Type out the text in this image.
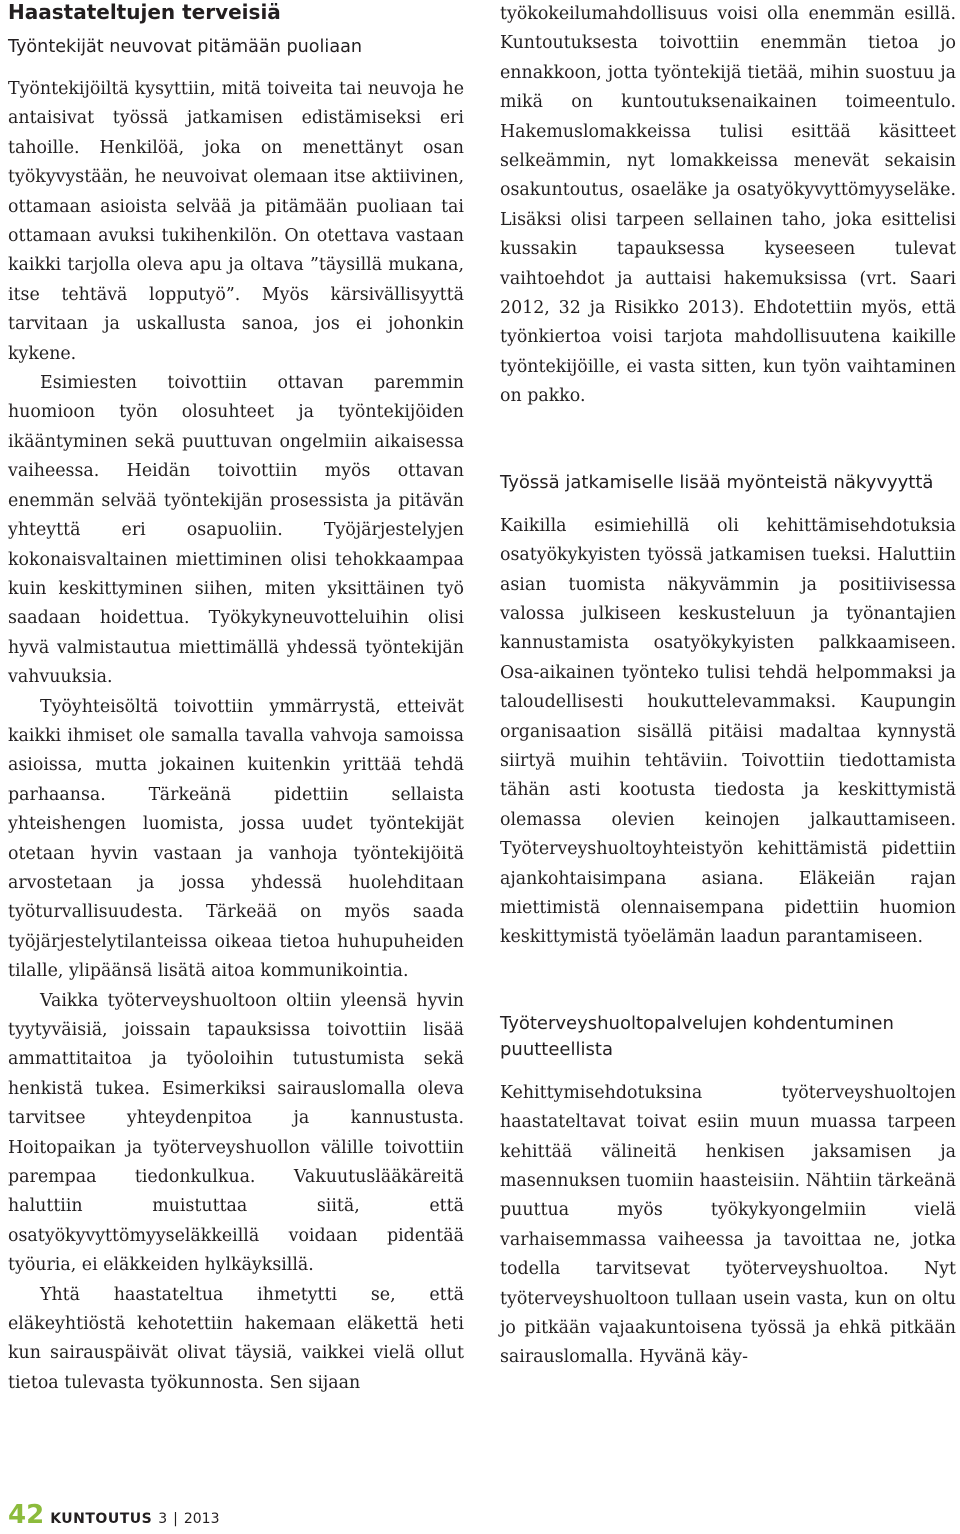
Haastateltujen terveisiä
Työntekijät neuvovat pitämään puoliaan

Työntekijöiltä kysyttiin, mitä toiveita tai neuvoja he antaisivat työssä jatkamisen edistämiseksi eri tahoille. Henkilöä, joka on menettänyt osan työkyvystään, he neuvoivat olemaan itse aktiivinen, ottamaan asioista selvää ja pitämään puoliaan tai ottamaan avuksi tukihenkilön. On otettava vastaan kaikki tarjolla oleva apu ja oltava ”täysillä mukana, itse tehtävä lopputyö”. Myös kärsivällisyyttä tarvitaan ja uskallusta sanoa, jos ei johonkin kykene.

Esimiesten toivottiin ottavan paremmin huomioon työn olosuhteet ja työntekijöiden ikääntyminen sekä puuttuvan ongelmiin aikaisessa vaiheessa. Heidän toivottiin myös ottavan enemmän selvää työntekijän prosessista ja pitävän yhteyttä eri osapuoliin. Työjärjestelyjen kokonaisvaltainen miettiminen olisi tehokkaampaa kuin keskittyminen siihen, miten yksittäinen työ saadaan hoidettua. Työkykyneuvotteluihin olisi hyvä valmistautua miettimällä yhdessä työntekijän vahvuuksia.

Työyhteisöltä toivottiin ymmärrystä, etteivät kaikki ihmiset ole samalla tavalla vahvoja samoissa asioissa, mutta jokainen kuitenkin yrittää tehdä parhaansa. Tärkeänä pidettiin sellaista yhteishengen luomista, jossa uudet työntekijät otetaan hyvin vastaan ja vanhoja työntekijöitä arvostetaan ja jossa yhdessä huolehditaan työturvallisuudesta. Tärkeää on myös saada työjärjestelytilanteissa oikeaa tietoa huhupuheiden tilalle, ylipäänsä lisätä aitoa kommunikointia.

Vaikka työterveyshuoltoon oltiin yleensä hyvin tyytyväisiä, joissain tapauksissa toivottiin lisää ammattitaitoa ja työoloihin tutustumista sekä henkistä tukea. Esimerkiksi sairauslomalla oleva tarvitsee yhteydenpitoa ja kannustusta. Hoitopaikan ja työterveyshuollon välille toivottiin parempaa tiedonkulkua. Vakuutuslääkäreitä haluttiin muistuttaa siitä, että osatyökyvyttömyyseläkkeillä voidaan pidentää työuria, ei eläkkeiden hylkäyksillä.

Yhtä haastateltua ihmetytti se, että eläkeyhtiöstä kehotettiin hakemaan eläkettä heti kun sairauspäivät olivat täysiä, vaikkei vielä ollut tietoa tulevasta työkunnosta. Sen sijaan

työkokeilumahdollisuus voisi olla enemmän esillä. Kuntoutuksesta toivottiin enemmän tietoa jo ennakkoon, jotta työntekijä tietää, mihin suostuu ja mikä on kuntoutuksenaikainen toimeentulo. Hakemuslomakkeissa tulisi esittää käsitteet selkeämmin, nyt lomakkeissa menevät sekaisin osakuntoutus, osaeläke ja osatyökyvyttömyyseläke. Lisäksi olisi tarpeen sellainen taho, joka esittelisi kussakin tapauksessa kyseeseen tulevat vaihtoehdot ja auttaisi hakemuksissa (vrt. Saari 2012, 32 ja Risikko 2013). Ehdotettiin myös, että työnkiertoa voisi tarjota mahdollisuutena kaikille työntekijöille, ei vasta sitten, kun työn vaihtaminen on pakko.

Työssä jatkamiselle lisää myönteistä näkyvyyttä

Kaikilla esimiehillä oli kehittämisehdotuksia osatyökykyisten työssä jatkamisen tueksi. Haluttiin asian tuomista näkyvämmin ja positiivisessa valossa julkiseen keskusteluun ja työnantajien kannustamista osatyökykyisten palkkaamiseen. Osa-aikainen työnteko tulisi tehdä helpommaksi ja taloudellisesti houkuttelevammaksi. Kaupungin organisaation sisällä pitäisi madaltaa kynnystä siirtyä muihin tehtäviin. Toivottiin tiedottamista tähän asti kootusta tiedosta ja keskittymistä olemassa olevien keinojen jalkauttamiseen. Työterveyshuoltoyhteistyön kehittämistä pidettiin ajankohtaisimpana asiana. Eläkeiän rajan miettimistä olennaisempana pidettiin huomion keskittymistä työelämän laadun parantamiseen.

Työterveyshuoltopalvelujen kohdentuminen puutteellista

Kehittymisehdotuksina työterveyshuoltojen haastateltavat toivat esiin muun muassa tarpeen kehittää välineitä henkisen jaksamisen ja masennuksen tuomiin haasteisiin. Nähtiin tärkeänä puuttua myös työkykyongelmiin vielä varhaisemmassa vaiheessa ja tavoittaa ne, jotka todella tarvitsevat työterveyshuoltoa. Nyt työterveyshuoltoon tullaan usein vasta, kun on oltu jo pitkään vajaakuntoisena työssä ja ehkä pitkään sairauslomalla. Hyvänä käy-

42 KUNTOUTUS 3 | 2013
